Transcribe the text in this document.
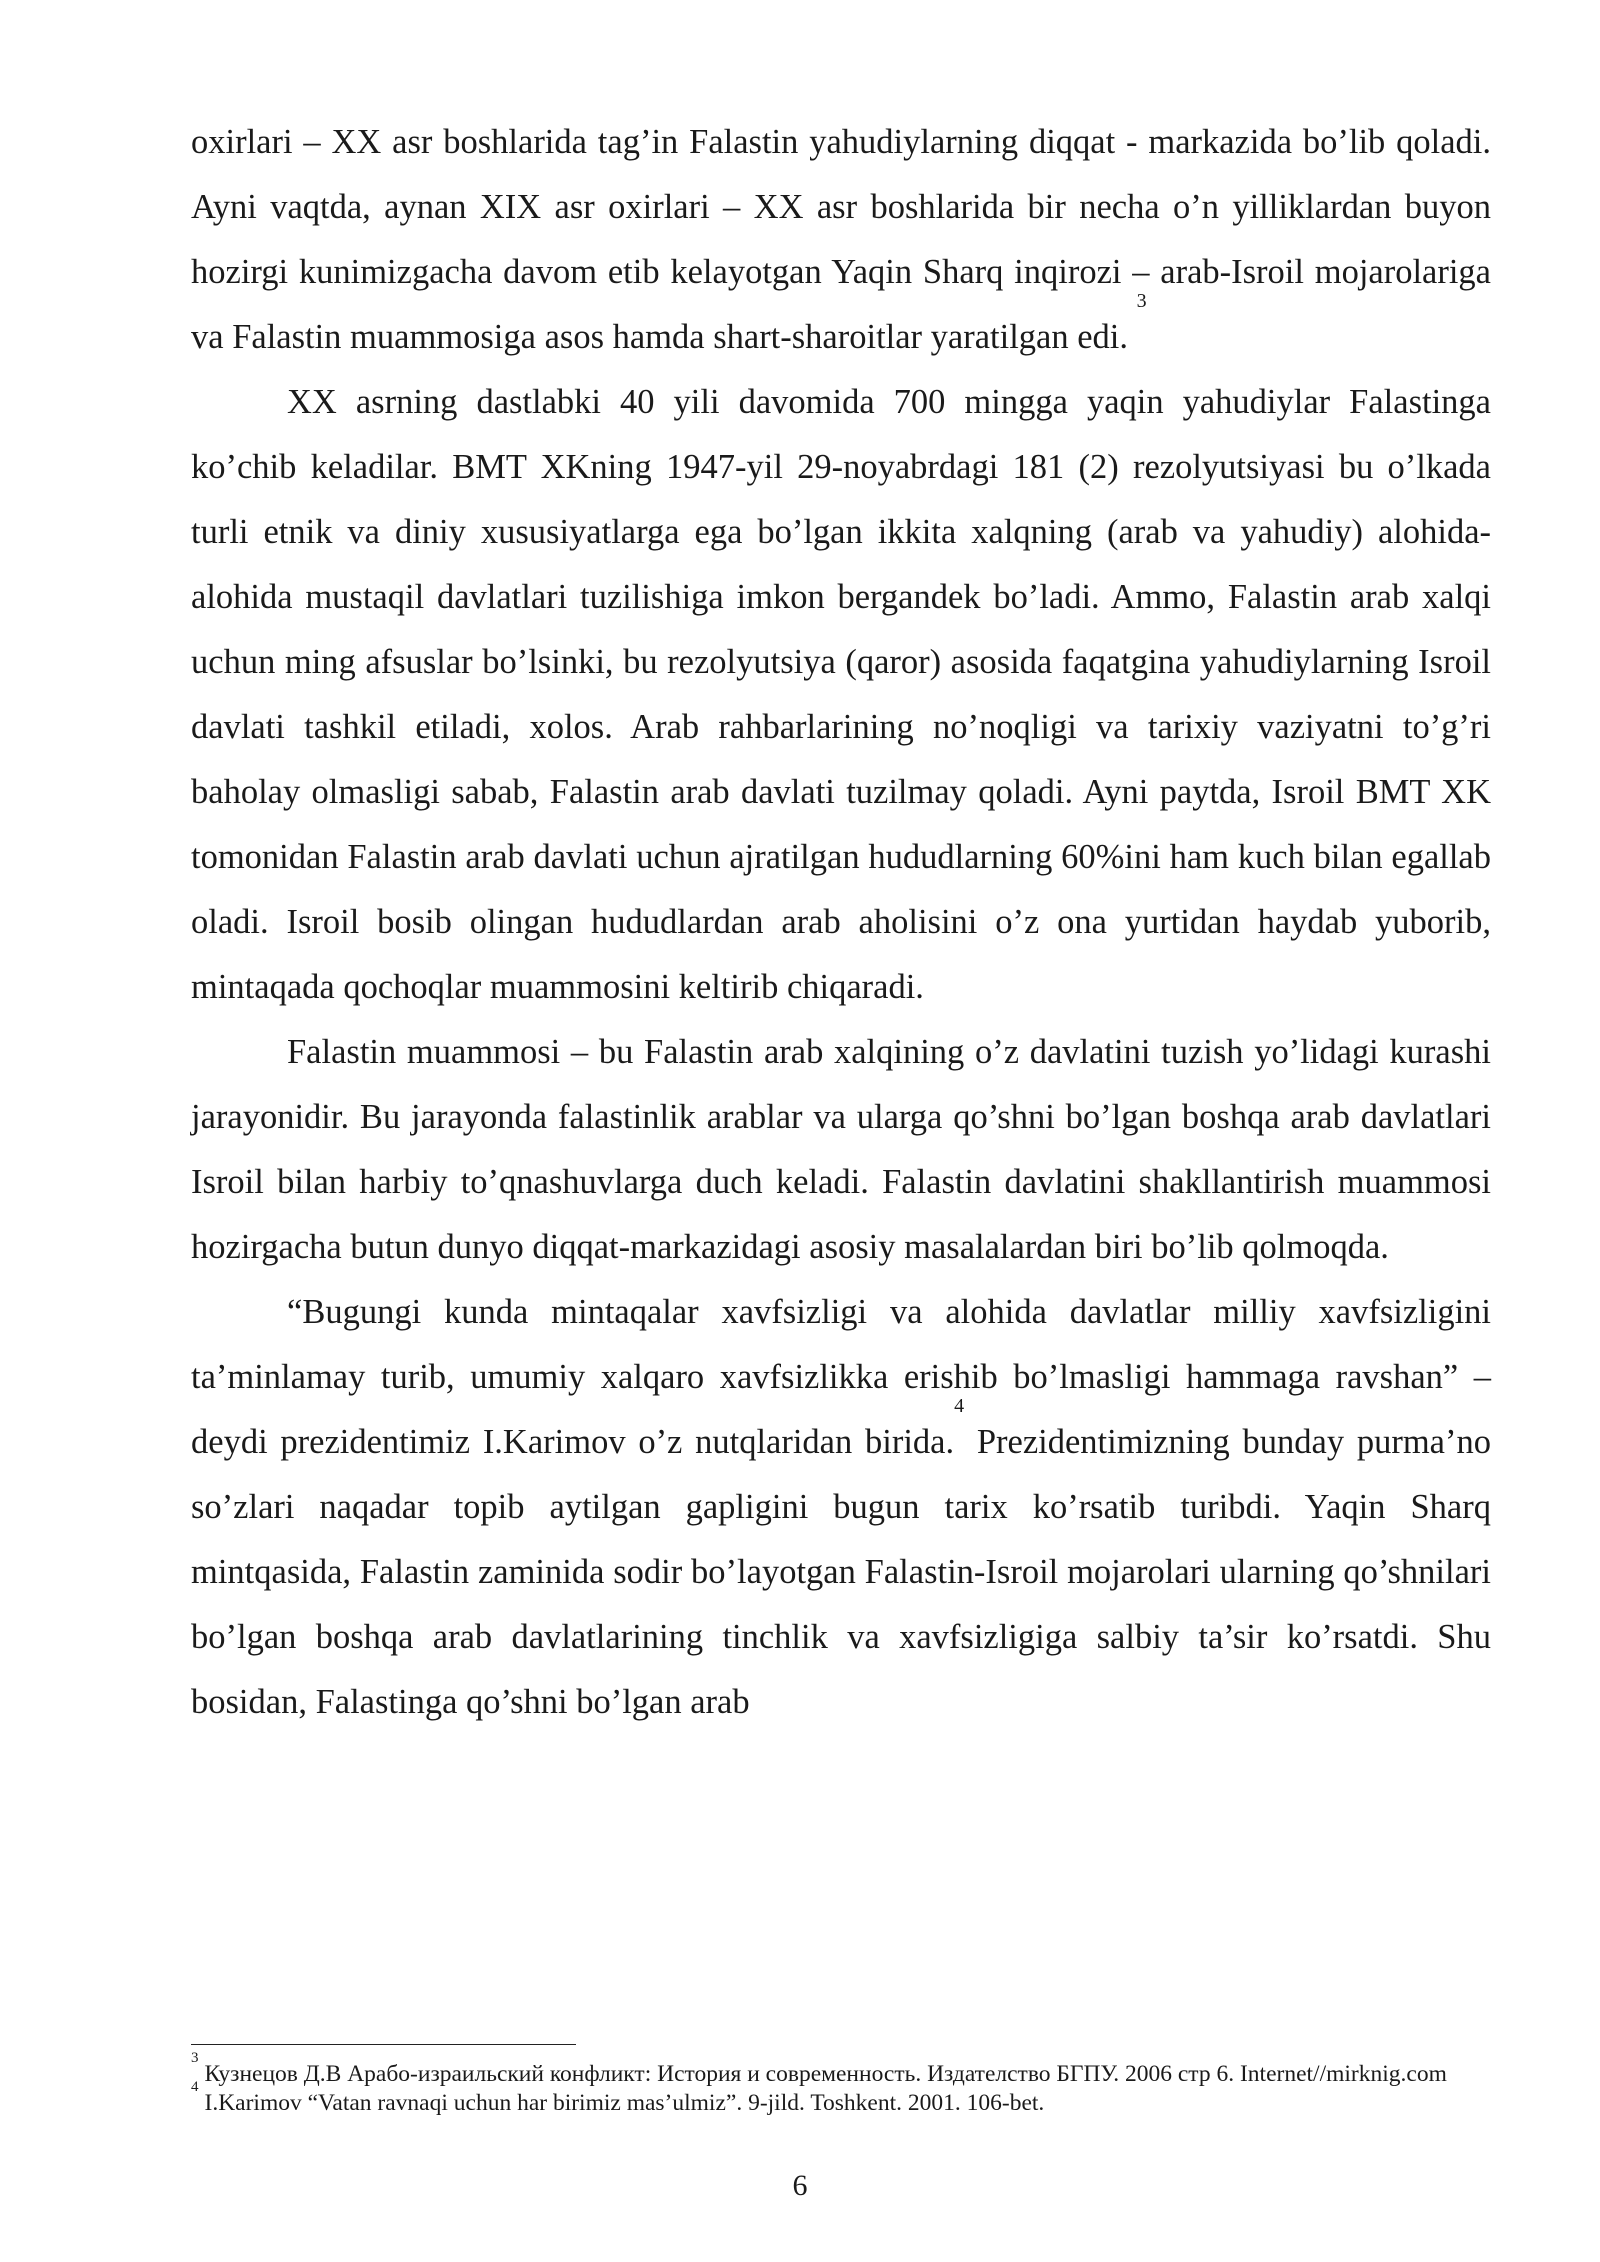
oxirlari – XX asr boshlarida tag’in Falastin yahudiylarning diqqat - markazida bo’lib qoladi. Ayni vaqtda, aynan XIX asr oxirlari – XX asr boshlarida bir necha o’n yilliklardan buyon hozirgi kunimizgacha davom etib kelayotgan Yaqin Sharq inqirozi – arab-Isroil mojarolariga va Falastin muammosiga asos hamda shart-sharoitlar yaratilgan edi. $^3$

XX asrning dastlabki 40 yili davomida 700 mingga yaqin yahudiylar Falastinga ko’chib keladilar. BMT XKning 1947-yil 29-noyabrdagi 181 (2) rezolyutsiyasi bu o’lkada turli etnik va diniy xususiyatlarga ega bo’lgan ikkita xalqning (arab va yahudiy) alohida-alohida mustaqil davlatlari tuzilishiga imkon bergandek bo’ladi. Ammo, Falastin arab xalqi uchun ming afsuslar bo’lsinki, bu rezolyutsiya (qaror) asosida faqatgina yahudiylarning Isroil davlati tashkil etiladi, xolos. Arab rahbarlarining no’noqligi va tarixiy vaziyatni to’g’ri baholay olmasligi sabab, Falastin arab davlati tuzilmay qoladi. Ayni paytda, Isroil BMT XK tomonidan Falastin arab davlati uchun ajratilgan hududlarning 60%ini ham kuch bilan egallab oladi. Isroil bosib olingan hududlardan arab aholisini o’z ona yurtidan haydab yuborib, mintaqada qochoqlar muammosini keltirib chiqaradi.

Falastin muammosi – bu Falastin arab xalqining o’z davlatini tuzish yo’lidagi kurashi jarayonidir. Bu jarayonda falastinlik arablar va ularga qo’shni bo’lgan boshqa arab davlatlari Isroil bilan harbiy to’qnashuvlarga duch keladi. Falastin davlatini shakllantirish muammosi hozirgacha butun dunyo diqqat-markazidagi asosiy masalalardan biri bo’lib qolmoqda.

“Bugungi kunda mintaqalar xavfsizligi va alohida davlatlar milliy xavfsizligini ta’minlamay turib, umumiy xalqaro xavfsizlikka erishib bo’lmasligi hammaga ravshan” – deydi prezidentimiz I.Karimov o’z nutqlaridan birida.$^4$ Prezidentimizning bunday purma’no so’zlari naqadar topib aytilgan gapligini bugun tarix ko’rsatib turibdi. Yaqin Sharq mintqasida, Falastin zaminida sodir bo’layotgan Falastin-Isroil mojarolari ularning qo’shnilari bo’lgan boshqa arab davlatlarining tinchlik va xavfsizligiga salbiy ta’sir ko’rsatdi. Shu bosidan, Falastinga qo’shni bo’lgan arab

$^3$Кузнецов Д.В Арабо-израильский конфликт: История и современность. Издателство БГПУ. 2006 стр 6. Internet//mirknig.com

$^4$I.Karimov “Vatan ravnaqi uchun har birimiz mas’ulmiz”. 9-jild. Toshkent. 2001. 106-bet.

6
